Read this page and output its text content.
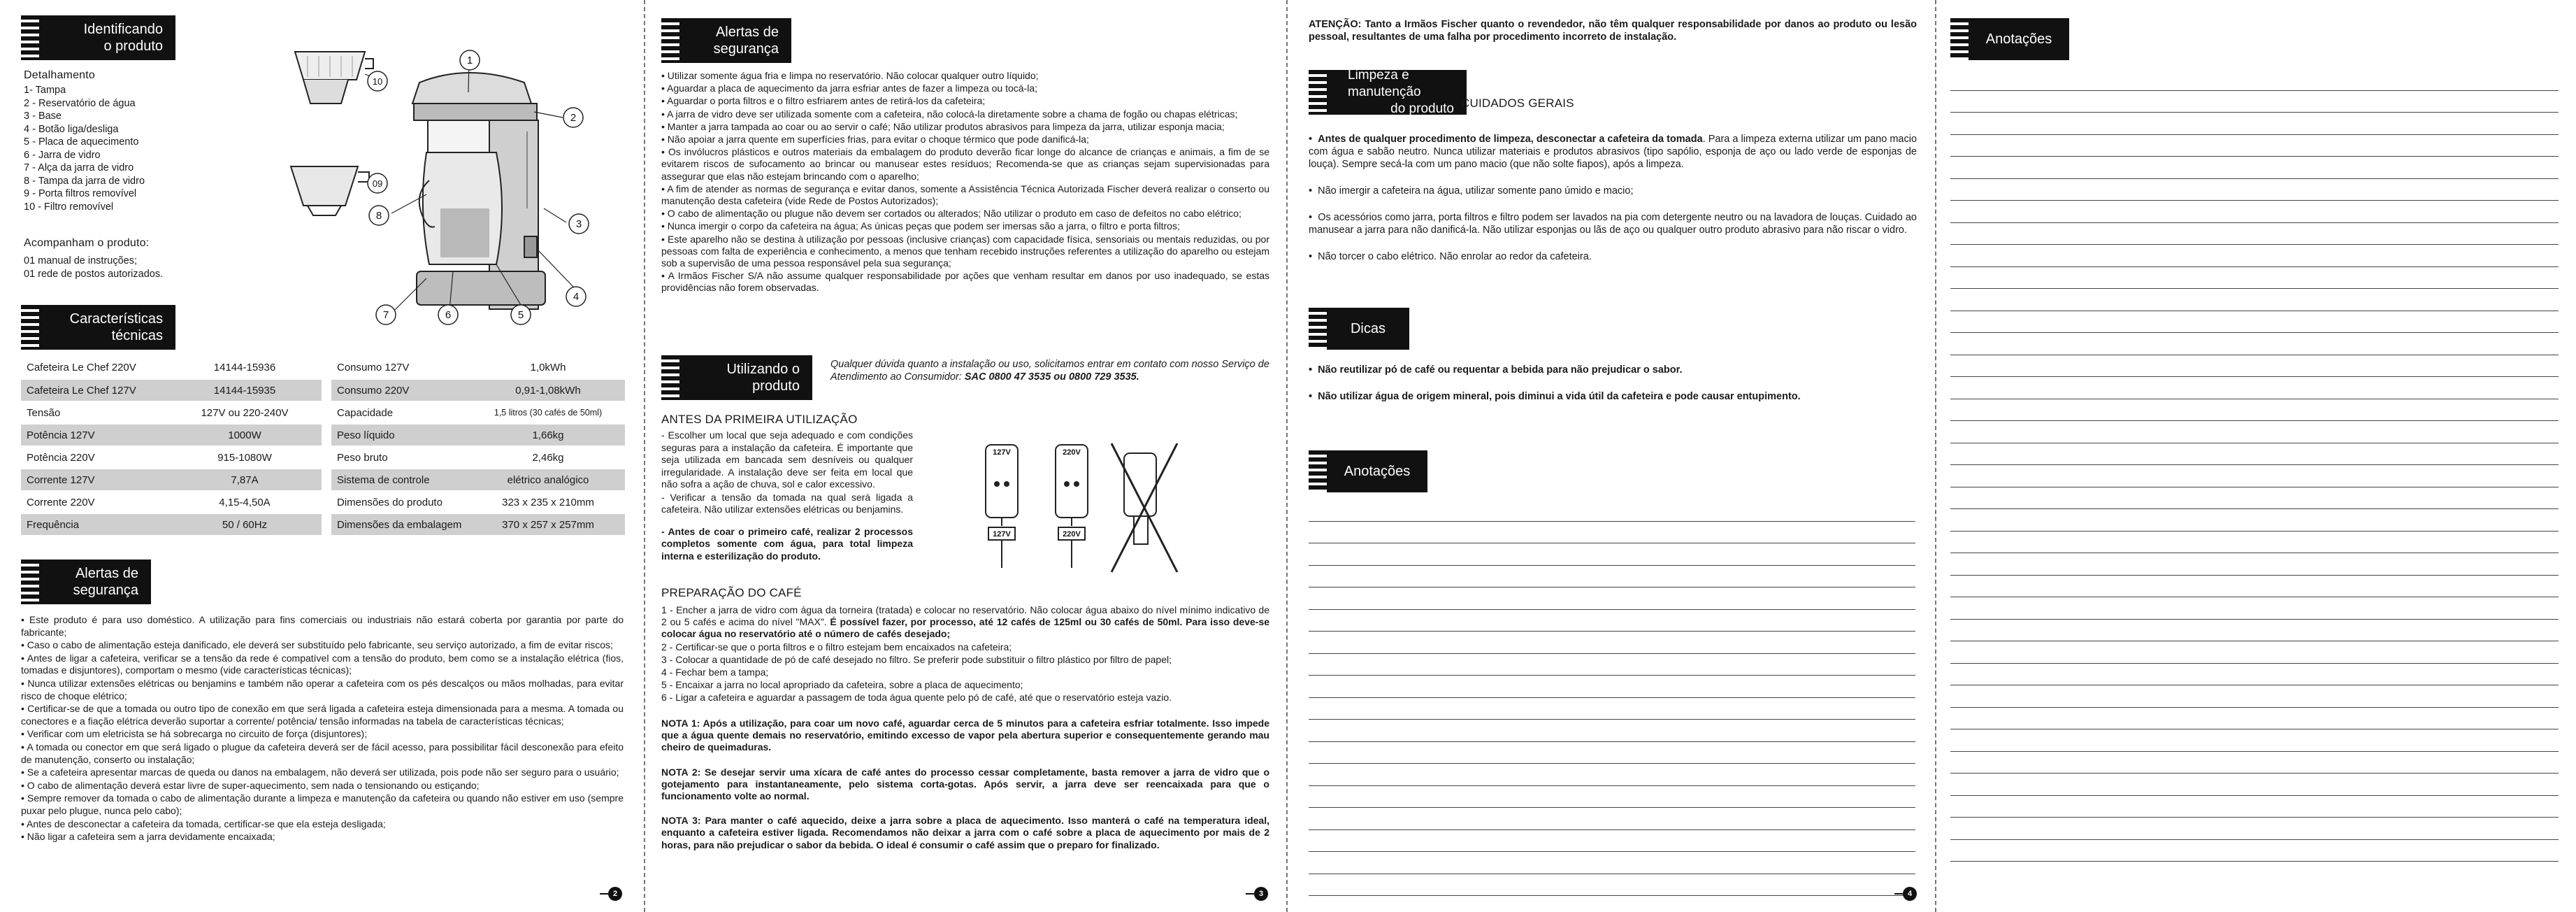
Identificando
o produto
Detalhamento
1- Tampa
2 - Reservatório de água
3 - Base
4 - Botão liga/desliga
5 - Placa de aquecimento
6 - Jarra de vidro
7 - Alça da jarra de vidro
8 - Tampa da jarra de vidro
9 - Porta filtros removível
10 - Filtro removível
Acompanham o produto:
01 manual de instruções;
01 rede de postos autorizados.
1
2
3
4
5
6
7
8
09
10
Características
técnicas
Cafeteira Le Chef 220V	14144-15936
Cafeteira Le Chef 127V	14144-15935
Tensão	127V ou 220-240V
Potência 127V	1000W
Potência 220V	915-1080W
Corrente 127V	7,87A
Corrente 220V	4,15-4,50A
Frequência	50 / 60Hz
Consumo 127V	1,0kWh
Consumo 220V	0,91-1,08kWh
Capacidade	1,5 litros (30 cafés de 50ml)
Peso líquido	1,66kg
Peso bruto	2,46kg
Sistema de controle	elétrico analógico
Dimensões do produto	323 x 235 x 210mm
Dimensões da embalagem	370 x 257 x 257mm
Alertas de
segurança

• Este produto é para uso doméstico. A utilização para fins comerciais ou industriais não estará coberta por garantia por parte do fabricante;

• Caso o cabo de alimentação esteja danificado, ele deverá ser substituído pelo fabricante, seu serviço autorizado, a fim de evitar riscos;

• Antes de ligar a cafeteira, verificar se a tensão da rede é compatível com a tensão do produto, bem como se a instalação elétrica (fios, tomadas e disjuntores), comportam o mesmo (vide características técnicas);

• Nunca utilizar extensões elétricas ou benjamins e também não operar a cafeteira com os pés descalços ou mãos molhadas, para evitar risco de choque elétrico;

• Certificar-se de que a tomada ou outro tipo de conexão em que será ligada a cafeteira esteja dimensionada para a mesma. A tomada ou conectores e a fiação elétrica deverão suportar a corrente/ potência/ tensão informadas na tabela de características técnicas;

• Verificar com um eletricista se há sobrecarga no circuito de força (disjuntores);

• A tomada ou conector em que será ligado o plugue da cafeteira deverá ser de fácil acesso, para possibilitar fácil desconexão para efeito de manutenção, conserto ou instalação;

• Se a cafeteira apresentar marcas de queda ou danos na embalagem, não deverá ser utilizada, pois pode não ser seguro para o usuário;

• O cabo de alimentação deverá estar livre de super-aquecimento, sem nada o tensionando ou estiçando;

• Sempre remover da tomada o cabo de alimentação durante a limpeza e manutenção da cafeteira ou quando não estiver em uso (sempre puxar pelo plugue, nunca pelo cabo);

• Antes de desconectar a cafeteira da tomada, certificar-se que ela esteja desligada;

• Não ligar a cafeteira sem a jarra devidamente encaixada;

2
Alertas de
segurança

• Utilizar somente água fria e limpa no reservatório. Não colocar qualquer outro líquido;

• Aguardar a placa de aquecimento da jarra esfriar antes de fazer a limpeza ou tocá-la;

• Aguardar o porta filtros e o filtro esfriarem antes de retirá-los da cafeteira;

• A jarra de vidro deve ser utilizada somente com a cafeteira, não colocá-la diretamente sobre a chama de fogão ou chapas elétricas;

• Manter a jarra tampada ao coar ou ao servir o café; Não utilizar produtos abrasivos para limpeza da jarra, utilizar esponja macia;

• Não apoiar a jarra quente em superfícies frias, para evitar o choque térmico que pode danificá-la;

• Os invólucros plásticos e outros materiais da embalagem do produto deverão ficar longe do alcance de crianças e animais, a fim de se evitarem riscos de sufocamento ao brincar ou manusear estes resíduos; Recomenda-se que as crianças sejam supervisionadas para assegurar que elas não estejam brincando com o aparelho;

• A fim de atender as normas de segurança e evitar danos, somente a Assistência Técnica Autorizada Fischer deverá realizar o conserto ou manutenção desta cafeteira (vide Rede de Postos Autorizados);

• O cabo de alimentação ou plugue não devem ser cortados ou alterados; Não utilizar o produto em caso de defeitos no cabo elétrico;

• Nunca imergir o corpo da cafeteira na água; As únicas peças que podem ser imersas são a jarra, o filtro e porta filtros;

• Este aparelho não se destina à utilização por pessoas (inclusive crianças) com capacidade física, sensoriais ou mentais reduzidas, ou por pessoas com falta de experiência e conhecimento, a menos que tenham recebido instruções referentes a utilização do aparelho ou estejam sob a supervisão de uma pessoa responsável pela sua segurança;

• A Irmãos Fischer S/A não assume qualquer responsabilidade por ações que venham resultar em danos por uso inadequado, se estas providências não forem observadas.

Utilizando o
produto
Qualquer dúvida quanto a instalação ou uso, solicitamos entrar em contato com nosso Serviço de Atendimento ao Consumidor: SAC 0800 47 3535 ou 0800 729 3535.
ANTES DA PRIMEIRA UTILIZAÇÃO

- Escolher um local que seja adequado e com condições seguras para a instalação da cafeteira. É importante que seja utilizada em bancada sem desníveis ou qualquer irregularidade. A instalação deve ser feita em local que não sofra a ação de chuva, sol e calor excessivo.

- Verificar a tensão da tomada na qual será ligada a cafeteira. Não utilizar extensões elétricas ou benjamins.

- Antes de coar o primeiro café, realizar 2 processos completos somente com água, para total limpeza interna e esterilização do produto.

127V	220V
127V	220V
PREPARAÇÃO DO CAFÉ

1 - Encher a jarra de vidro com água da torneira (tratada) e colocar no reservatório. Não colocar água abaixo do nível mínimo indicativo de 2 ou 5 cafés e acima do nível "MAX". É possível fazer, por processo, até 12 cafés de 125ml ou 30 cafés de 50ml. Para isso deve-se colocar água no reservatório até o número de cafés desejado;

2 - Certificar-se que o porta filtros e o filtro estejam bem encaixados na cafeteira;

3 - Colocar a quantidade de pó de café desejado no filtro. Se preferir pode substituir o filtro plástico por filtro de papel;

4 - Fechar bem a tampa;

5 - Encaixar a jarra no local apropriado da cafeteira, sobre a placa de aquecimento;

6 - Ligar a cafeteira e aguardar a passagem de toda água quente pelo pó de café, até que o reservatório esteja vazio.

NOTA 1: Após a utilização, para coar um novo café, aguardar cerca de 5 minutos para a cafeteira esfriar totalmente. Isso impede que a água quente demais no reservatório, emitindo excesso de vapor pela abertura superior e consequentemente gerando mau cheiro de queimaduras.

NOTA 2: Se desejar servir uma xícara de café antes do processo cessar completamente, basta remover a jarra de vidro que o gotejamento para instantaneamente, pelo sistema corta-gotas. Após servir, a jarra deve ser reencaixada para que o funcionamento volte ao normal.

NOTA 3: Para manter o café aquecido, deixe a jarra sobre a placa de aquecimento. Isso manterá o café na temperatura ideal, enquanto a cafeteira estiver ligada. Recomendamos não deixar a jarra com o café sobre a placa de aquecimento por mais de 2 horas, para não prejudicar o sabor da bebida. O ideal é consumir o café assim que o preparo for finalizado.

3
ATENÇÃO: Tanto a Irmãos Fischer quanto o revendedor, não têm qualquer responsabilidade por danos ao produto ou lesão pessoal, resultantes de uma falha por procedimento incorreto de instalação.
Limpeza e manutenção
do produto CUIDADOS GERAIS

•  Antes de qualquer procedimento de limpeza, desconectar a cafeteira da tomada. Para a limpeza externa utilizar um pano macio com água e sabão neutro. Nunca utilizar materiais e produtos abrasivos (tipo sapólio, esponja de aço ou lado verde de esponjas de louça). Sempre secá-la com um pano macio (que não solte fiapos), após a limpeza.

•  Não imergir a cafeteira na água, utilizar somente pano úmido e macio;

•  Os acessórios como jarra, porta filtros e filtro podem ser lavados na pia com detergente neutro ou na lavadora de louças. Cuidado ao manusear a jarra para não danificá-la. Não utilizar esponjas ou lãs de aço ou qualquer outro produto abrasivo para não riscar o vidro.

•  Não torcer o cabo elétrico. Não enrolar ao redor da cafeteira.

Dicas

•  Não reutilizar pó de café ou requentar a bebida para não prejudicar o sabor.

•  Não utilizar água de origem mineral, pois diminui a vida útil da cafeteira e pode causar entupimento.

Anotações
4
Anotações
